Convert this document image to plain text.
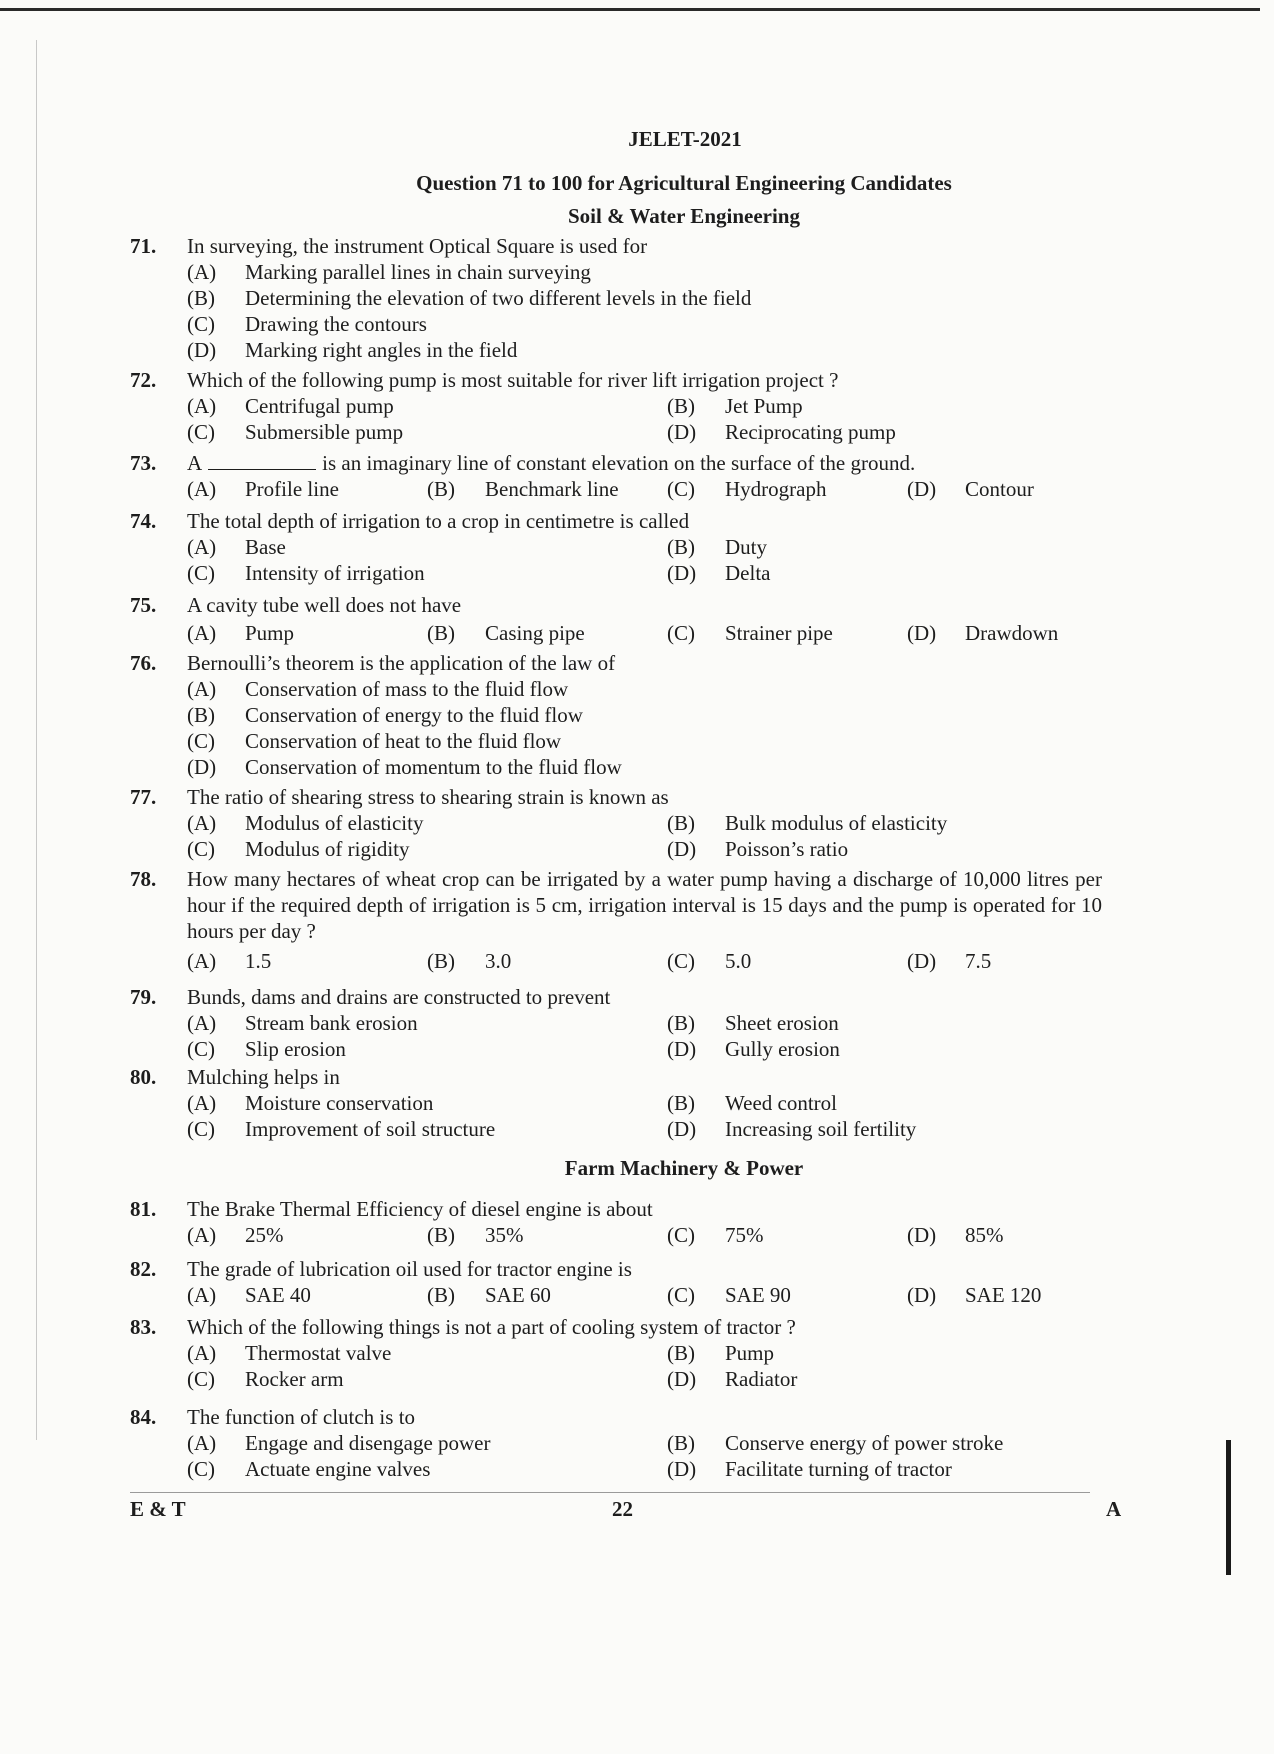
JELET-2021
Question 71 to 100 for Agricultural Engineering Candidates
Soil & Water Engineering
71. In surveying, the instrument Optical Square is used for
(A) Marking parallel lines in chain surveying
(B) Determining the elevation of two different levels in the field
(C) Drawing the contours
(D) Marking right angles in the field
72. Which of the following pump is most suitable for river lift irrigation project ?
(A) Centrifugal pump	(B) Jet Pump
(C) Submersible pump	(D) Reciprocating pump
73. A	is an imaginary line of constant elevation on the surface of the ground.
(A) Profile line	(B) Benchmark line (C) Hydrograph	(D) Contour
74. The total depth of irrigation to a crop in centimetre is called
(A) Base	(B) Duty
(C) Intensity of irrigation	(D) Delta
75. A cavity tube well does not have
(A) Pump	(B) Casing pipe	(C) Strainer pipe	(D) Drawdown
76. Bernoulli’s theorem is the application of the law of
(A) Conservation of mass to the fluid flow
(B) Conservation of energy to the fluid flow
(C) Conservation of heat to the fluid flow
(D) Conservation of momentum to the fluid flow
77. The ratio of shearing stress to shearing strain is known as
(A) Modulus of elasticity	(B) Bulk modulus of elasticity
(C) Modulus of rigidity	(D) Poisson’s ratio
78. How many hectares of wheat crop can be irrigated by a water pump having a discharge of 10,000 litres per hour if the required depth of irrigation is 5 cm, irrigation interval is 15 days and the pump is operated for 10 hours per day ?
(A) 1.5	(B) 3.0	(C) 5.0	(D) 7.5
79. Bunds, dams and drains are constructed to prevent
(A) Stream bank erosion	(B) Sheet erosion
(C) Slip erosion	(D) Gully erosion
80. Mulching helps in
(A) Moisture conservation	(B) Weed control
(C) Improvement of soil structure	(D) Increasing soil fertility
Farm Machinery & Power
81. The Brake Thermal Efficiency of diesel engine is about
(A) 25%	(B) 35%	(C) 75%	(D) 85%
82. The grade of lubrication oil used for tractor engine is
(A) SAE 40	(B) SAE 60	(C) SAE 90	(D) SAE 120
83. Which of the following things is not a part of cooling system of tractor ?
(A) Thermostat valve	(B) Pump
(C) Rocker arm	(D) Radiator
84. The function of clutch is to
(A) Engage and disengage power	(B) Conserve energy of power stroke
(C) Actuate engine valves	(D) Facilitate turning of tractor
E & T	22	A
